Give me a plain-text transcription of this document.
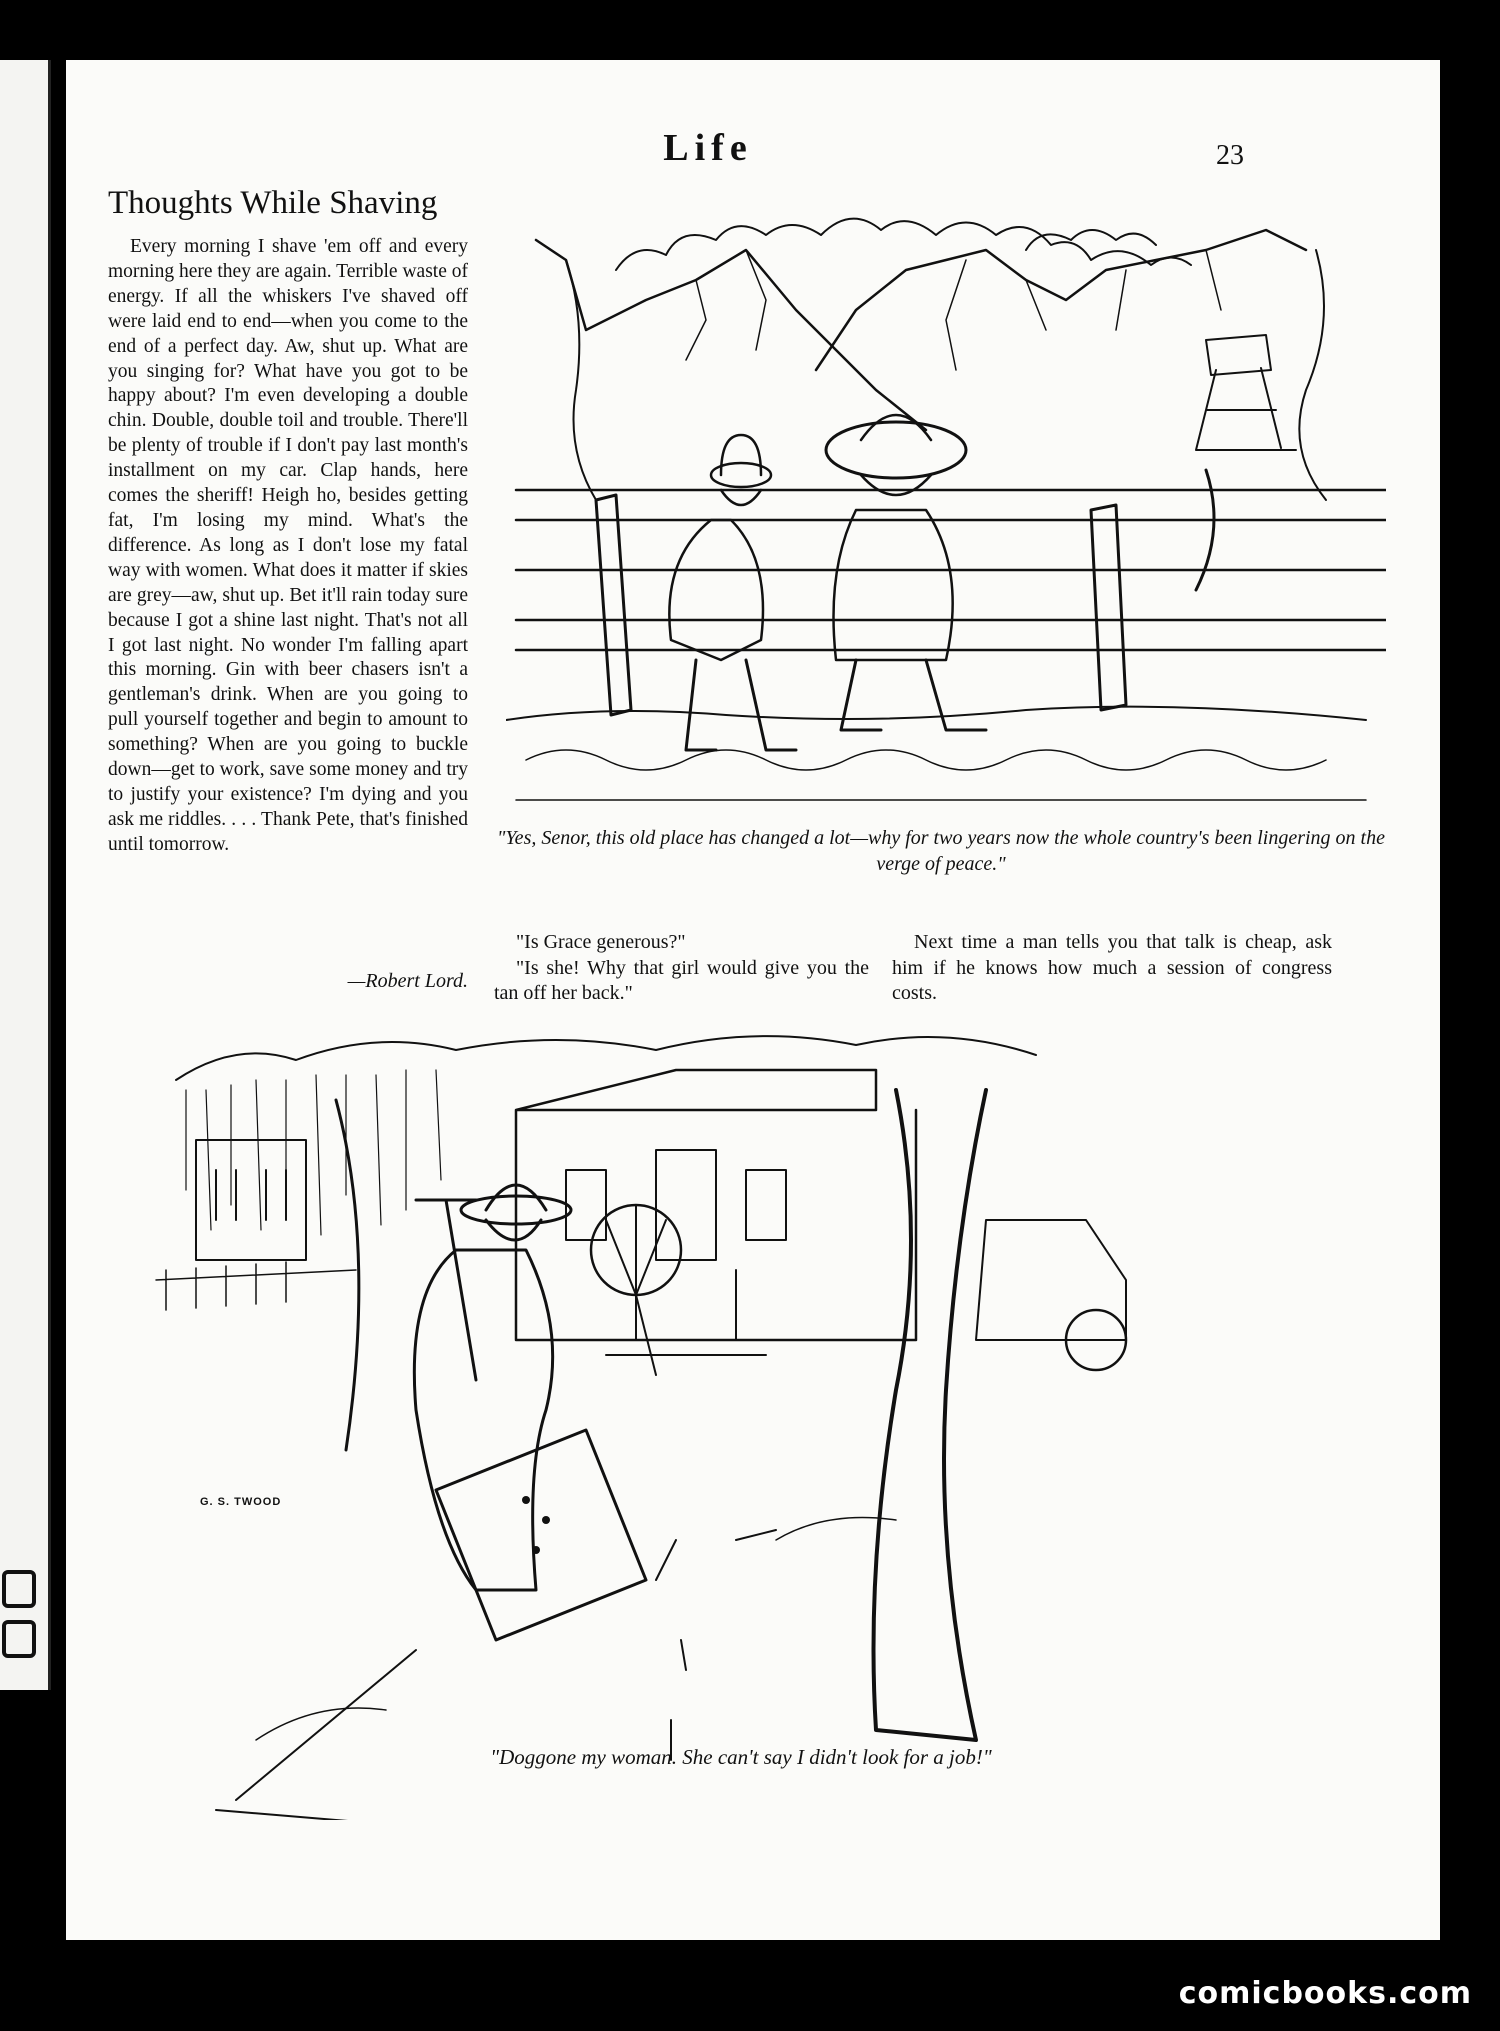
Life	23
Thoughts While Shaving

Every morning I shave 'em off and every morning here they are again. Terrible waste of energy. If all the whiskers I've shaved off were laid end to end—when you come to the end of a perfect day. Aw, shut up. What are you singing for? What have you got to be happy about? I'm even developing a double chin. Double, double toil and trouble. There'll be plenty of trouble if I don't pay last month's installment on my car. Clap hands, here comes the sheriff! Heigh ho, besides getting fat, I'm losing my mind. What's the difference. As long as I don't lose my fatal way with women. What does it matter if skies are grey—aw, shut up. Bet it'll rain today sure because I got a shine last night. That's not all I got last night. No wonder I'm falling apart this morning. Gin with beer chasers isn't a gentleman's drink. When are you going to pull yourself together and begin to amount to something? When are you going to buckle down—get to work, save some money and try to justify your existence? I'm dying and you ask me riddles. . . . Thank Pete, that's finished until tomorrow.

—Robert Lord.

"Yes, Senor, this old place has changed a lot—why for two years now the whole country's been lingering on the verge of peace."

"Is Grace generous?"

"Is she! Why that girl would give you the tan off her back."

Next time a man tells you that talk is cheap, ask him if he knows how much a session of congress costs.

G. S. TWOOD

"Doggone my woman. She can't say I didn't look for a job!"

comicbooks.com
